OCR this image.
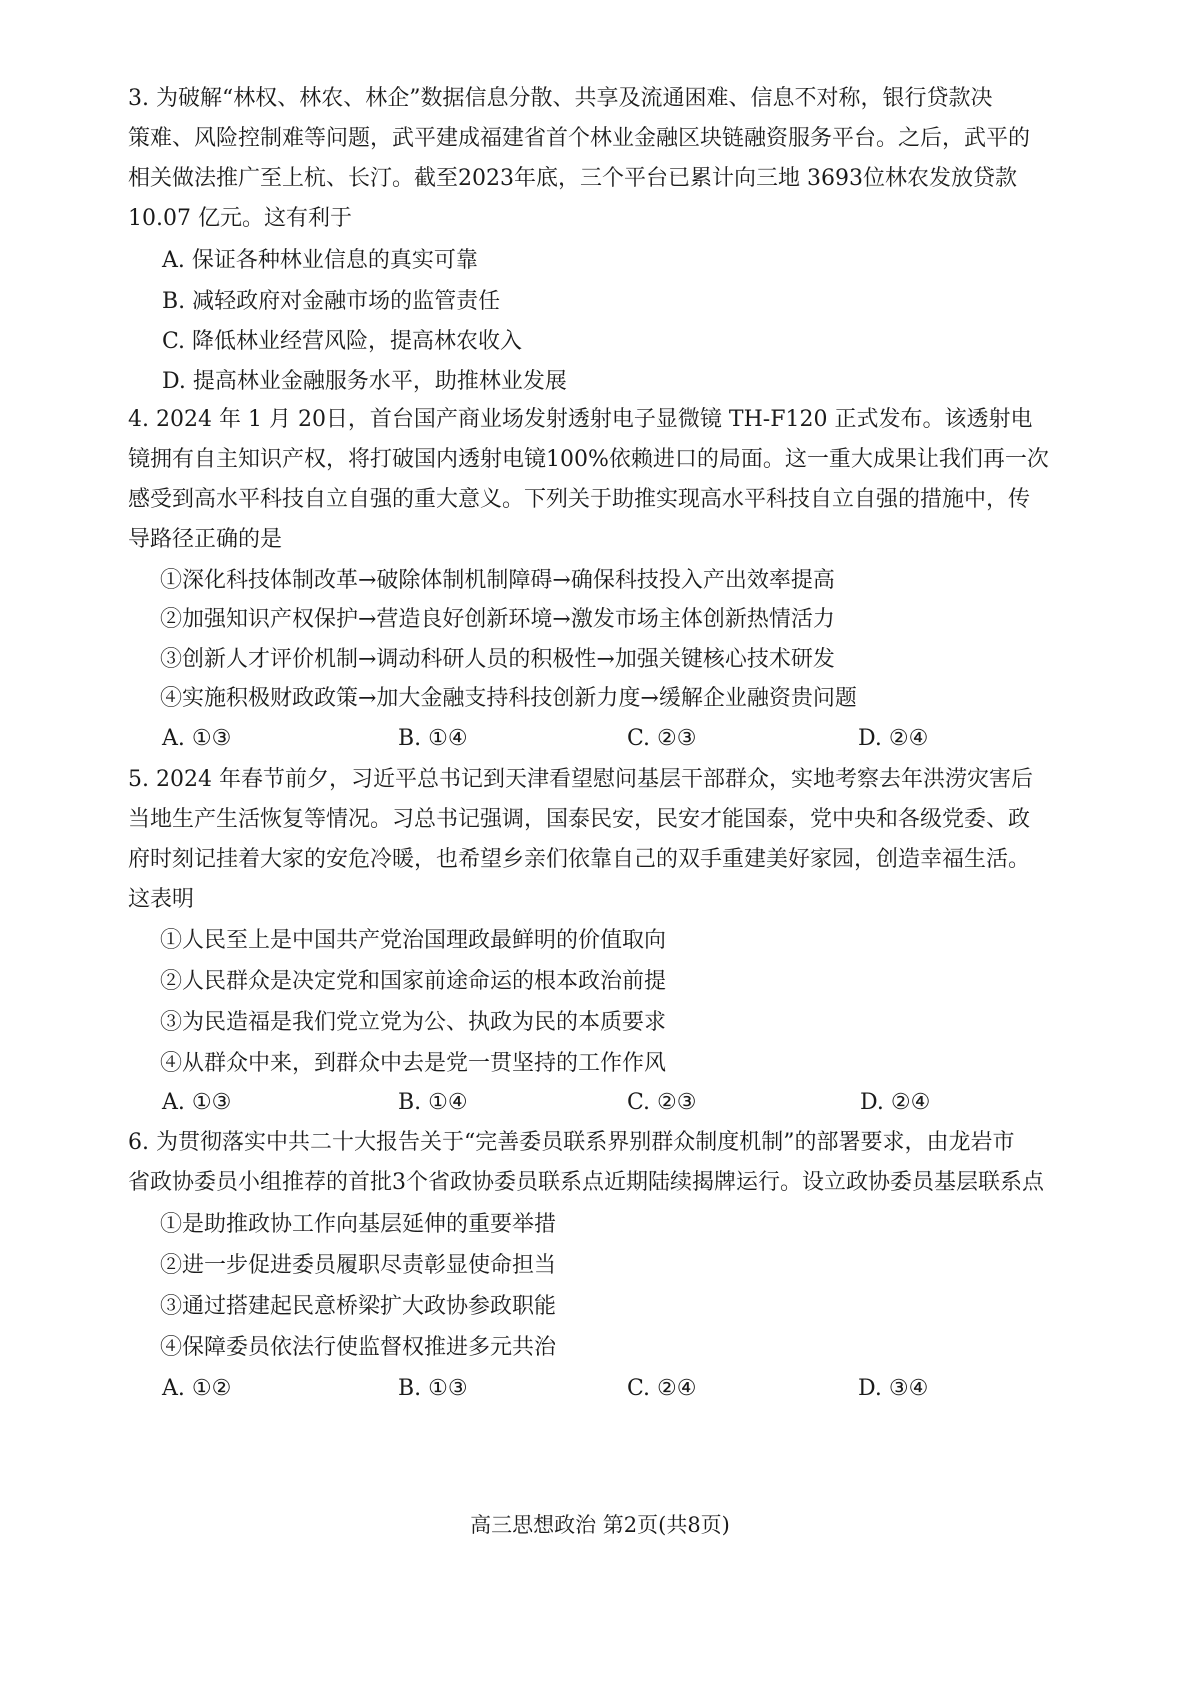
3. 为破解“林权、林农、林企”数据信息分散、共享及流通困难、信息不对称，银行贷款决
策难、风险控制难等问题，武平建成福建省首个林业金融区块链融资服务平台。之后，武平的
相关做法推广至上杭、长汀。截至2023年底，三个平台已累计向三地 3693位林农发放贷款
10.07 亿元。这有利于
A. 保证各种林业信息的真实可靠
B. 减轻政府对金融市场的监管责任
C. 降低林业经营风险，提高林农收入
D. 提高林业金融服务水平，助推林业发展
4. 2024 年 1 月 20日，首台国产商业场发射透射电子显微镜 TH-F120 正式发布。该透射电
镜拥有自主知识产权，将打破国内透射电镜100%依赖进口的局面。这一重大成果让我们再一次
感受到高水平科技自立自强的重大意义。下列关于助推实现高水平科技自立自强的措施中，传
导路径正确的是
①深化科技体制改革→破除体制机制障碍→确保科技投入产出效率提高
②加强知识产权保护→营造良好创新环境→激发市场主体创新热情活力
③创新人才评价机制→调动科研人员的积极性→加强关键核心技术研发
④实施积极财政政策→加大金融支持科技创新力度→缓解企业融资贵问题
A. ①③	B. ①④	C. ②③	D. ②④
5. 2024 年春节前夕，习近平总书记到天津看望慰问基层干部群众，实地考察去年洪涝灾害后
当地生产生活恢复等情况。习总书记强调，国泰民安，民安才能国泰，党中央和各级党委、政
府时刻记挂着大家的安危冷暖，也希望乡亲们依靠自己的双手重建美好家园，创造幸福生活。
这表明
①人民至上是中国共产党治国理政最鲜明的价值取向
②人民群众是决定党和国家前途命运的根本政治前提
③为民造福是我们党立党为公、执政为民的本质要求
④从群众中来，到群众中去是党一贯坚持的工作作风
A. ①③	B. ①④	C. ②③	D. ②④
6. 为贯彻落实中共二十大报告关于“完善委员联系界别群众制度机制”的部署要求，由龙岩市
省政协委员小组推荐的首批3个省政协委员联系点近期陆续揭牌运行。设立政协委员基层联系点
①是助推政协工作向基层延伸的重要举措
②进一步促进委员履职尽责彰显使命担当
③通过搭建起民意桥梁扩大政协参政职能
④保障委员依法行使监督权推进多元共治
A. ①②	B. ①③	C. ②④	D. ③④
高三思想政治 第2页(共8页)
